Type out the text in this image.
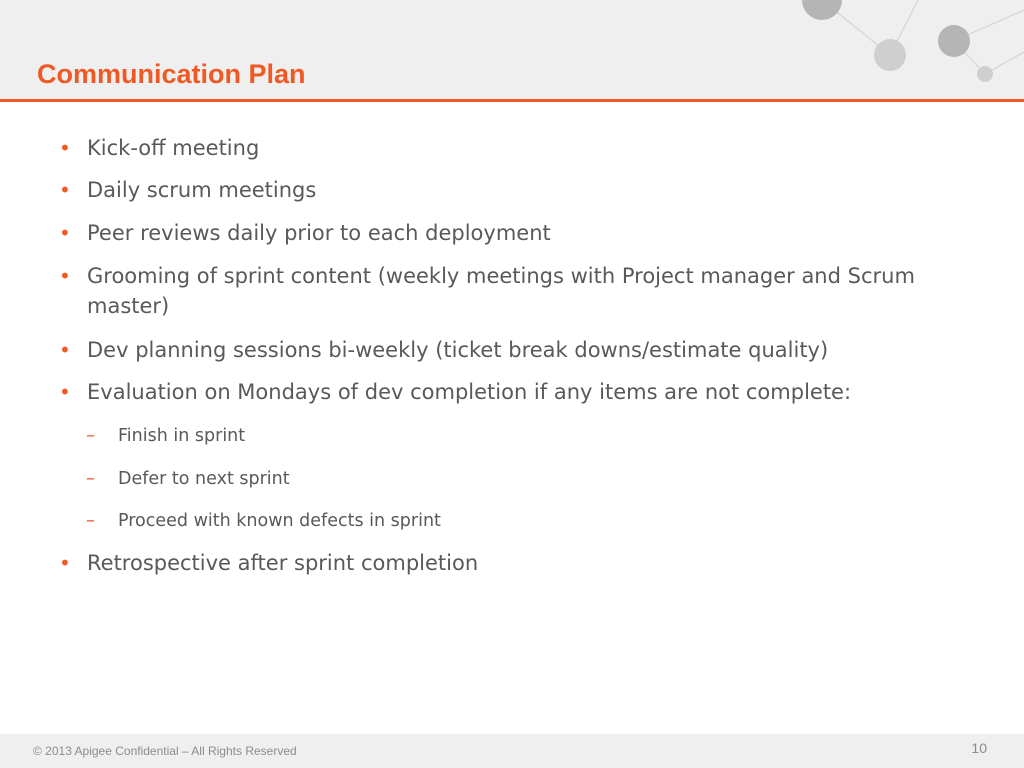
Communication Plan
• Kick-off meeting
• Daily scrum meetings
• Peer reviews daily prior to each deployment
• Grooming of sprint content (weekly meetings with Project manager and Scrum master)
• Dev planning sessions bi-weekly (ticket break downs/estimate quality)
• Evaluation on Mondays of dev completion if any items are not complete:
– Finish in sprint
– Defer to next sprint
– Proceed with known defects in sprint
• Retrospective after sprint completion
© 2013 Apigee Confidential – All Rights Reserved	10
